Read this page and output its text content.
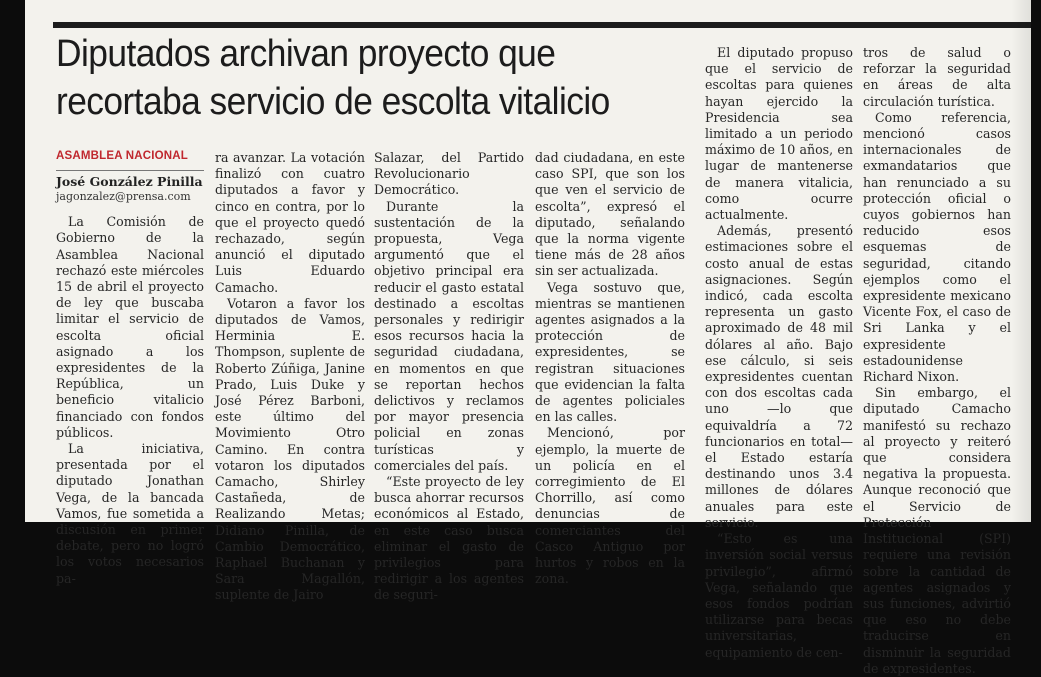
Diputados archivan proyecto que
recortaba servicio de escolta vitalicio
ASAMBLEA NACIONAL
José González Pinilla
jagonzalez@prensa.com

La Comisión de Gobierno de la Asamblea Nacional rechazó este miércoles 15 de abril el proyecto de ley que buscaba limitar el servicio de escolta oficial asignado a los expresidentes de la República, un beneficio vitalicio financiado con fondos públicos.

La iniciativa, presentada por el diputado Jonathan Vega, de la bancada Vamos, fue sometida a discusión en primer debate, pero no logró los votos necesarios pa-

ra avanzar. La votación finalizó con cuatro diputados a favor y cinco en contra, por lo que el proyecto quedó rechazado, según anunció el diputado Luis Eduardo Camacho.

Votaron a favor los diputados de Vamos, Herminia E. Thompson, suplente de Roberto Zúñiga, Janine Prado, Luis Duke y José Pérez Barboni, este último del Movimiento Otro Camino. En contra votaron los diputados Camacho, Shirley Castañeda, de Realizando Metas; Didiano Pinilla, de Cambio Democrático, Raphael Buchanan y Sara Magallón, suplente de Jairo

Salazar, del Partido Revolucionario Democrático.

Durante la sustentación de la propuesta, Vega argumentó que el objetivo principal era reducir el gasto estatal destinado a escoltas personales y redirigir esos recursos hacia la seguridad ciudadana, en momentos en que se reportan hechos delictivos y reclamos por mayor presencia policial en zonas turísticas y comerciales del país.

“Este proyecto de ley busca ahorrar recursos económicos al Estado, en este caso busca eliminar el gasto de privilegios para redirigir a los agentes de seguri-

dad ciudadana, en este caso SPI, que son los que ven el servicio de escolta”, expresó el diputado, señalando que la norma vigente tiene más de 28 años sin ser actualizada.

Vega sostuvo que, mientras se mantienen agentes asignados a la protección de expresidentes, se registran situaciones que evidencian la falta de agentes policiales en las calles.

Mencionó, por ejemplo, la muerte de un policía en el corregimiento de El Chorrillo, así como denuncias de comerciantes del Casco Antiguo por hurtos y robos en la zona.

El diputado propuso que el servicio de escoltas para quienes hayan ejercido la Presidencia sea limitado a un periodo máximo de 10 años, en lugar de mantenerse de manera vitalicia, como ocurre actualmente.

Además, presentó estimaciones sobre el costo anual de estas asignaciones. Según indicó, cada escolta representa un gasto aproximado de 48 mil dólares al año. Bajo ese cálculo, si seis expresidentes cuentan con dos escoltas cada uno —lo que equivaldría a 72 funcionarios en total— el Estado estaría destinando unos 3.4 millones de dólares anuales para este servicio.

“Esto es una inversión social versus privilegio”, afirmó Vega, señalando que esos fondos podrían utilizarse para becas universitarias, equipamiento de cen-

tros de salud o reforzar la seguridad en áreas de alta circulación turística.

Como referencia, mencionó casos internacionales de exmandatarios que han renunciado a su protección oficial o cuyos gobiernos han reducido esos esquemas de seguridad, citando ejemplos como el expresidente mexicano Vicente Fox, el caso de Sri Lanka y el expresidente estadounidense Richard Nixon.

Sin embargo, el diputado Camacho manifestó su rechazo al proyecto y reiteró que considera negativa la propuesta. Aunque reconoció que el Servicio de Protección Institucional (SPI) requiere una revisión sobre la cantidad de agentes asignados y sus funciones, advirtió que eso no debe traducirse en disminuir la seguridad de expresidentes.
